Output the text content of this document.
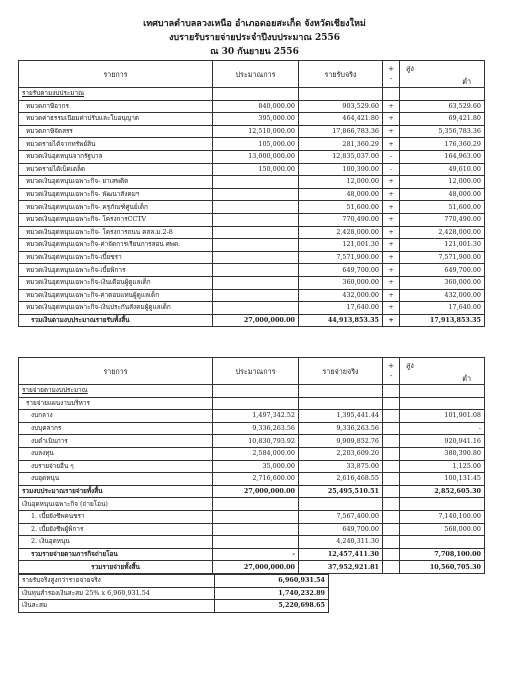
เทศบาลตำบลลวงเหนือ อำเภอดอยสะเก็ด จังหวัดเชียงใหม่
งบรายรับรายจ่ายประจำปีงบประมาณ 2556
ณ 30 กันยายน 2556
รายการ	ประมาณการ	รายรับจริง	+
-	สูง
ต่ำ

รายรับตามงบประมาณ				
หมวดภาษีอากร	840,000.00	903,529.60	+	63,529.60
หมวดค่าธรรมเนียมค่าปรับและใบอนุญาต	395,000.00	464,421.80	+	69,421.80
หมวดภาษีจัดสรร	12,510,000.00	17,866,783.36	+	5,356,783.36
หมวดรายได้จากทรัพย์สิน	105,000.00	281,360.29	+	176,360.29
หมวดเงินอุดหนุนจากรัฐบาล	13,000,000.00	12,835,037.00	-	164,963.00
หมวดรายได้เบ็ดเตล็ด	150,000.00	100,390.00	-	49,610.00
หมวดเงินอุดหนุนเฉพาะกิจ- ยาเสพติด		12,000.00	+	12,000.00
หมวดเงินอุดหนุนเฉพาะกิจ- พัฒนาสังคมฯ		48,000.00	+	48,000.00
หมวดเงินอุดหนุนเฉพาะกิจ- ครุภัณฑ์ศูนย์เด็ก		51,600.00	+	51,600.00
หมวดเงินอุดหนุนเฉพาะกิจ- โครงการCCTV		770,490.00	+	770,490.00
หมวดเงินอุดหนุนเฉพาะกิจ- โครงการถนน คสล.ม.2-8		2,428,000.00	+	2,428,000.00
หมวดเงินอุดหนุนเฉพาะกิจ-ค่าจัดการเรียนการสอน ศพด.		121,001.30	+	121,001.30
หมวดเงินอุดหนุนเฉพาะกิจ-เบี้ยชรา		7,571,900.00	+	7,571,900.00
หมวดเงินอุดหนุนเฉพาะกิจ-เบี้ยพิการ		649,700.00	+	649,700.00
หมวดเงินอุดหนุนเฉพาะกิจ-เงินเดือนผู้ดูแลเด็ก		360,000.00	+	360,000.00
หมวดเงินอุดหนุนเฉพาะกิจ-ค่าตอบแทนผู้ดูแลเด็ก		432,000.00	+	432,000.00
หมวดเงินอุดหนุนเฉพาะกิจ-เงินประกันสังคมผู้ดูแลเด็ก		17,640.00	+	17,640.00
รวมเงินตามงบประมาณรายรับทั้งสิ้น	27,000,000.00	44,913,853.35	+	17,913,853.35
รายการ	ประมาณการ	รายจ่ายจริง	+
-	สูง
ต่ำ

รายจ่ายตามงบประมาณ				
รายจ่ายแผนงานบริหาร				
งบกลาง	1,497,342.52	1,395,441.44		101,901.08
งบบุคลากร	9,336,263.56	9,336,263.56		-
งบดำเนินการ	10,830,793.92	9,909,852.76		920,941.16
งบลงทุน	2,584,000.00	2,203,609.20		380,390.80
งบรายจ่ายอื่น ๆ	35,000.00	33,875.00		1,125.00
งบอุดหนุน	2,716,600.00	2,616,468.55		100,131.45
รวมงบประมาณรายจ่ายทั้งสิ้น	27,000,000.00	25,495,510.51		2,852,605.30
เงินอุดหนุนเฉพาะกิจ (ถ่ายโอน)				
1. เบี้ยยังชีพคนชรา		7,567,400.00		7,140,100.00
2. เบี้ยยังชีพผู้พิการ		649,700.00		568,000.00
2. เงินอุดหนุน		4,240,311.30		
รวมรายจ่ายตามภารกิจถ่ายโอน	-	12,457,411.30		7,708,100.00
รวมรายจ่ายทั้งสิ้น	27,000,000.00	37,952,921.81		10,560,705.30
รายรับจริงสูงกว่ารายจ่ายจริง	6,960,931.54
เงินทุนสำรองเงินสะสม 25% x 6,960,931.54	1,740,232.89
เงินสะสม	5,220,698.65
